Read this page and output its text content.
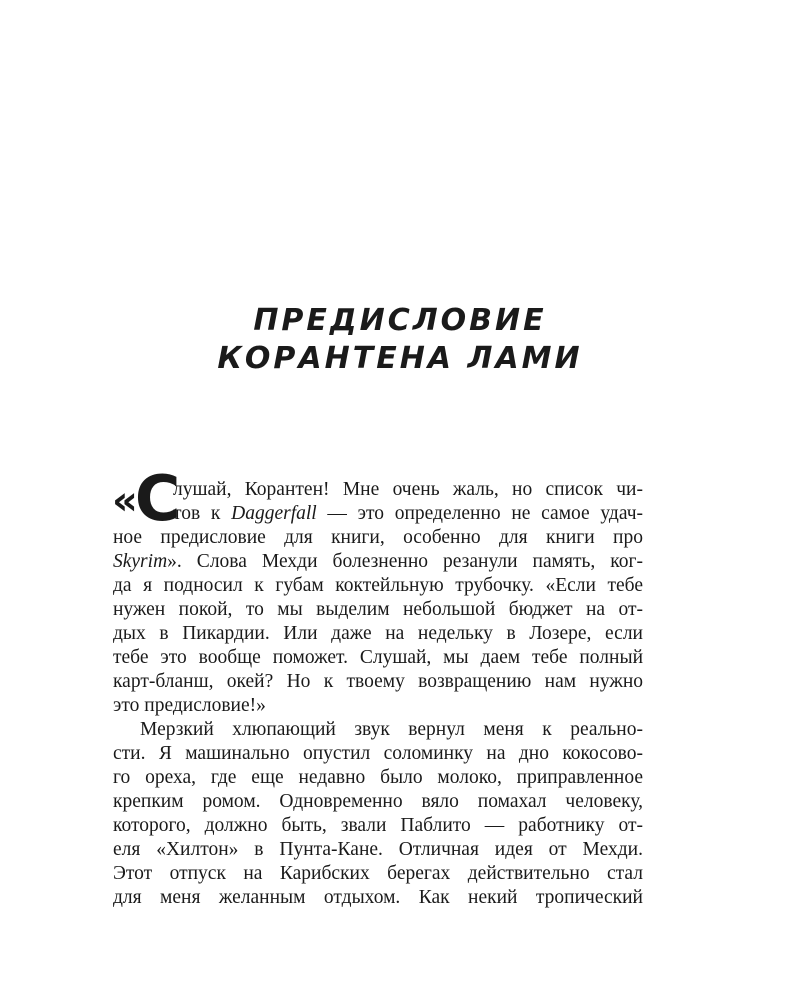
ПРЕДИСЛОВИЕ
КОРАНТЕНА ЛАМИ
«С
лушай, Корантен! Мне очень жаль, но список чи-
тов к Daggerfall — это определенно не самое удач-
ное предисловие для книги, особенно для книги про
Skyrim». Слова Мехди болезненно резанули память, ког-
да я подносил к губам коктейльную трубочку. «Если тебе
нужен покой, то мы выделим небольшой бюджет на от-
дых в Пикардии. Или даже на недельку в Лозере, если
тебе это вообще поможет. Слушай, мы даем тебе полный
карт-бланш, окей? Но к твоему возвращению нам нужно
это предисловие!»
Мерзкий хлюпающий звук вернул меня к реально-
сти. Я машинально опустил соломинку на дно кокосово-
го ореха, где еще недавно было молоко, приправленное
крепким ромом. Одновременно вяло помахал человеку,
которого, должно быть, звали Паблито — работнику от-
еля «Хилтон» в Пунта-Кане. Отличная идея от Мехди.
Этот отпуск на Карибских берегах действительно стал
для меня желанным отдыхом. Как некий тропический
